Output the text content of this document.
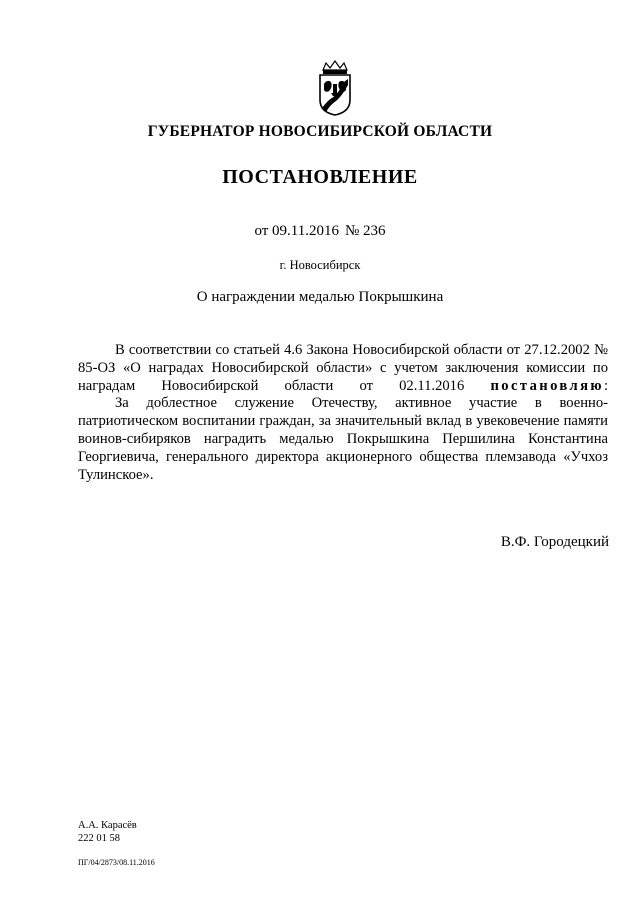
ГУБЕРНАТОР НОВОСИБИРСКОЙ ОБЛАСТИ
ПОСТАНОВЛЕНИЕ
от 09.11.2016 № 236
г. Новосибирск
О награждении медалью Покрышкина

В соответствии со статьей 4.6 Закона Новосибирской области от 27.12.2002 № 85-ОЗ «О наградах Новосибирской области» с учетом заключения комиссии по наградам Новосибирской области от 02.11.2016 постановляю:

За доблестное служение Отечеству, активное участие в военно-патриотическом воспитании граждан, за значительный вклад в увековечение памяти воинов-сибиряков наградить медалью Покрышкина Першилина Константина Георгиевича, генерального директора акционерного общества племзавода «Учхоз Тулинское».

В.Ф. Городецкий
А.А. Карасёв
222 01 58
ПГ/04/2873/08.11.2016
